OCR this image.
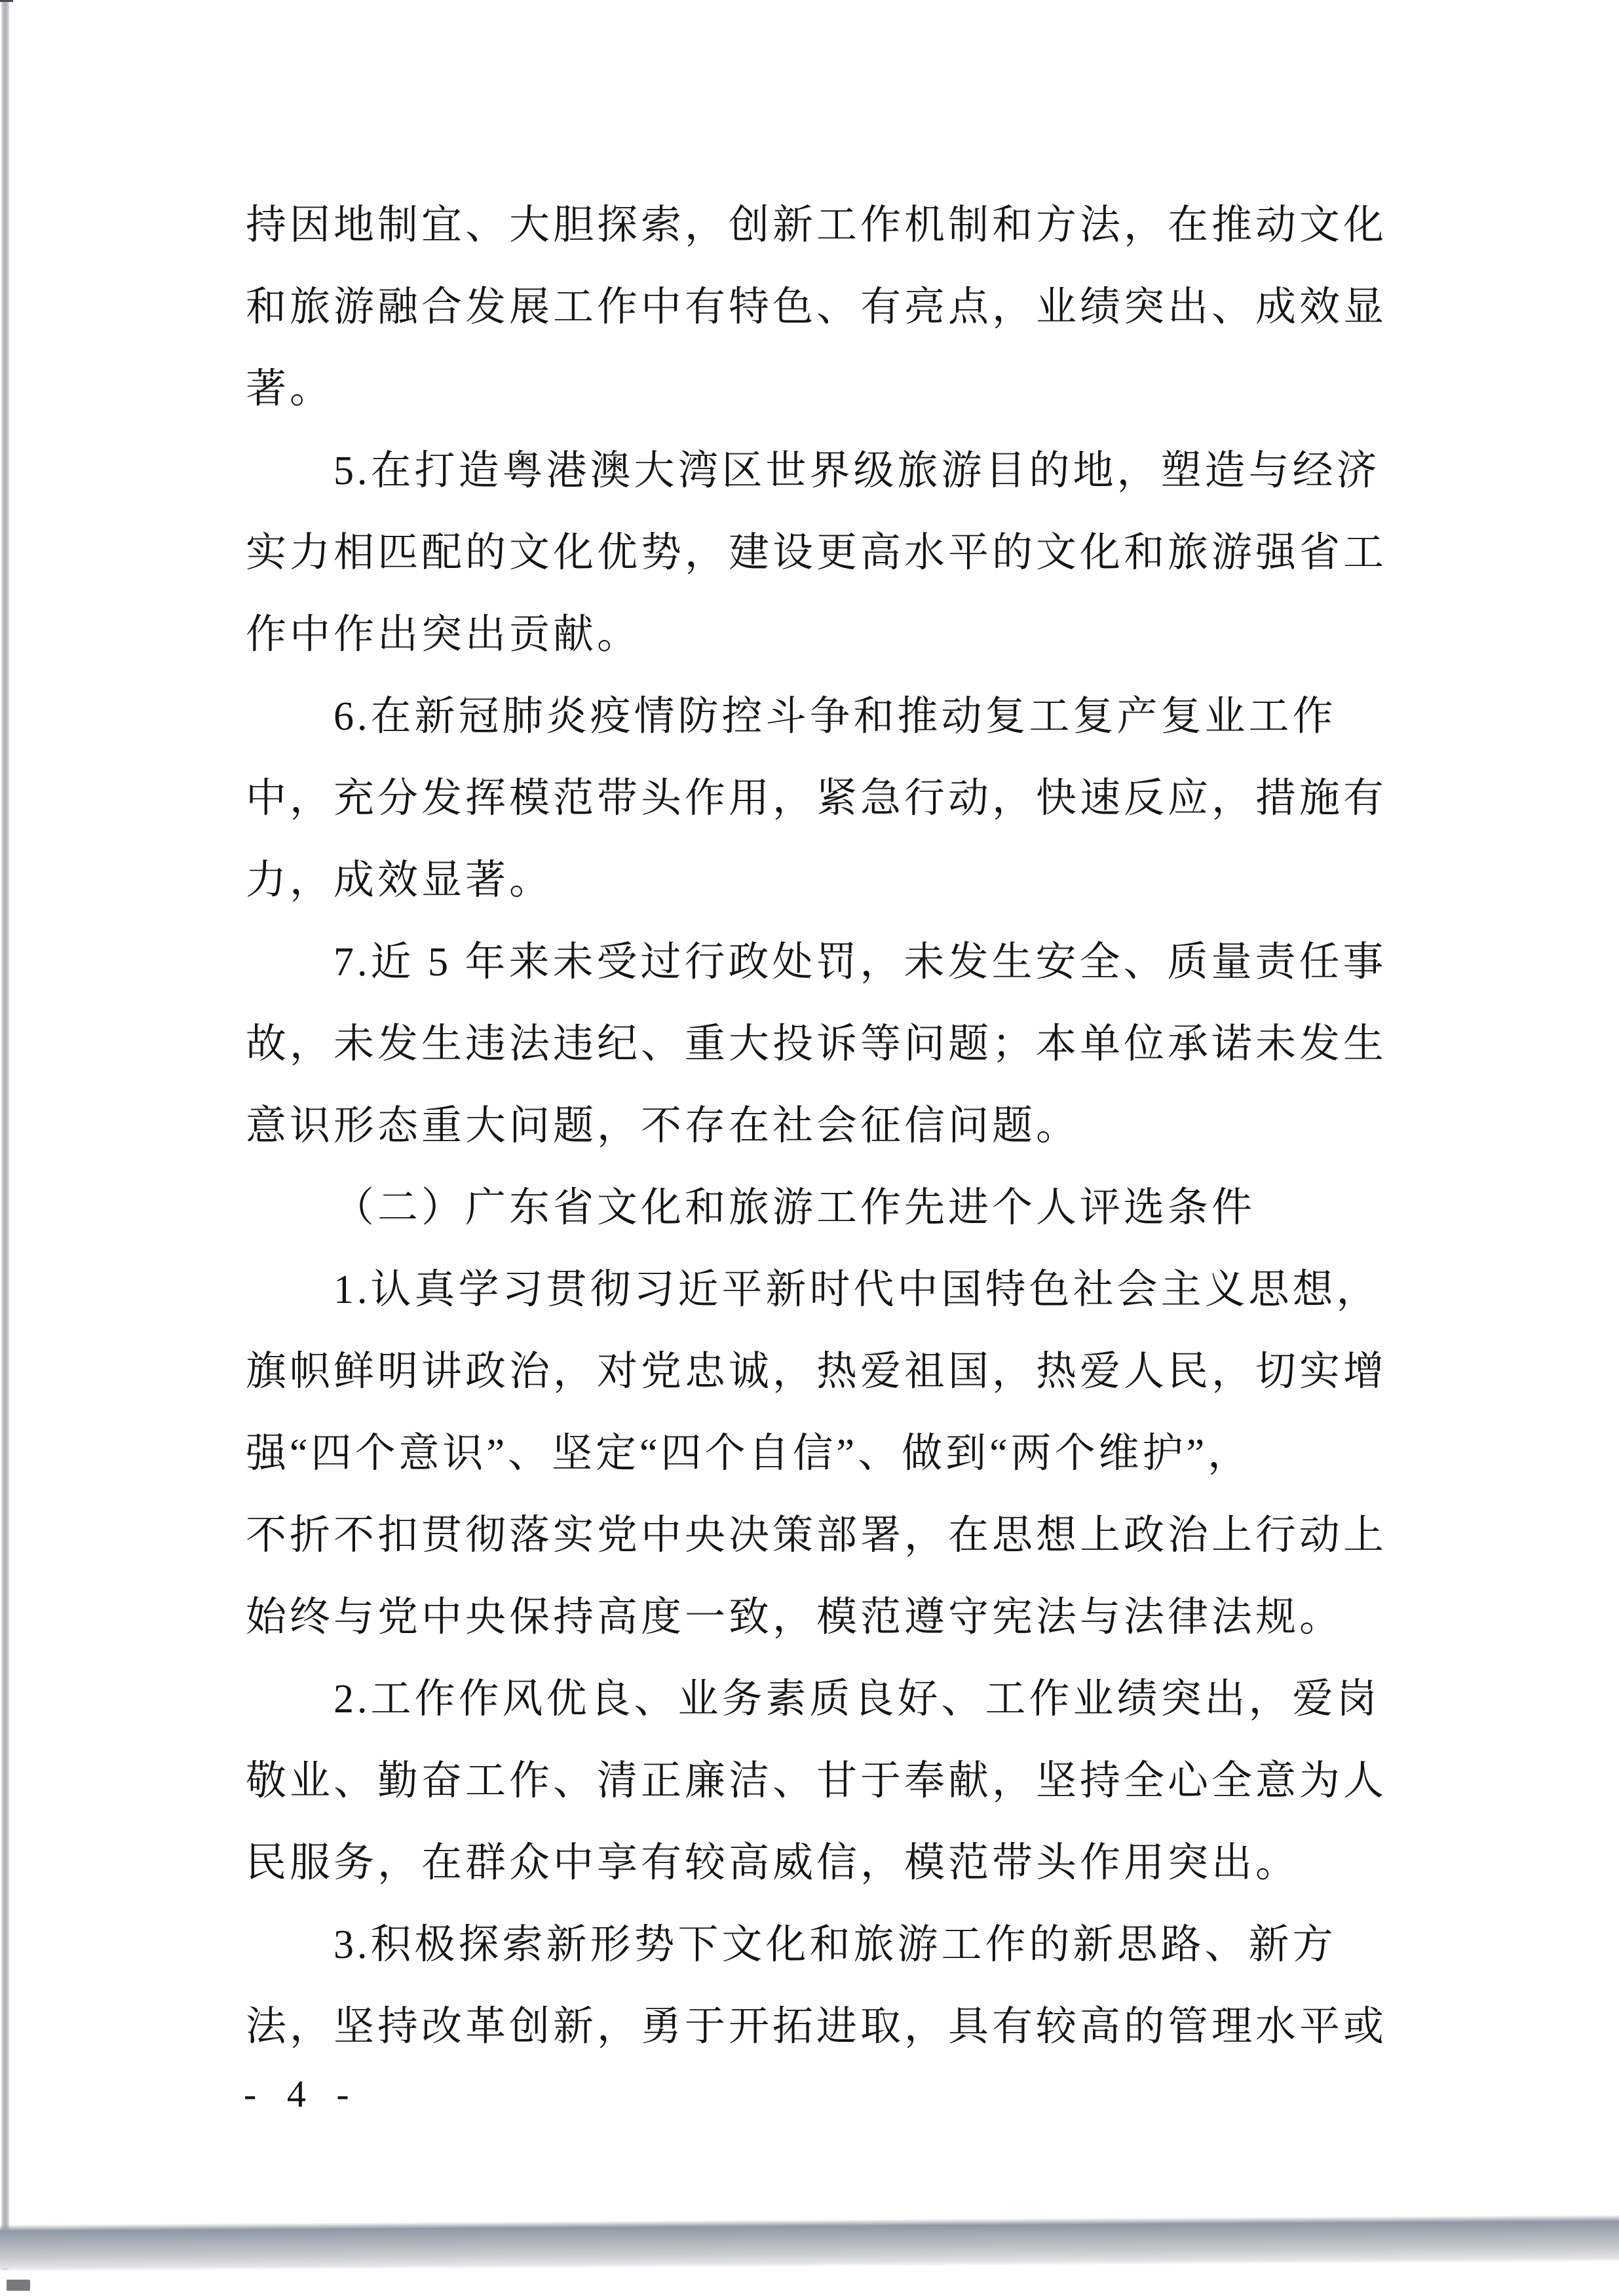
持因地制宜、大胆探索，创新工作机制和方法，在推动文化
和旅游融合发展工作中有特色、有亮点，业绩突出、成效显
著。
5.在打造粤港澳大湾区世界级旅游目的地，塑造与经济
实力相匹配的文化优势，建设更高水平的文化和旅游强省工
作中作出突出贡献。
6.在新冠肺炎疫情防控斗争和推动复工复产复业工作
中，充分发挥模范带头作用，紧急行动，快速反应，措施有
力，成效显著。
7.近 5 年来未受过行政处罚，未发生安全、质量责任事
故，未发生违法违纪、重大投诉等问题；本单位承诺未发生
意识形态重大问题，不存在社会征信问题。
（二）广东省文化和旅游工作先进个人评选条件
1.认真学习贯彻习近平新时代中国特色社会主义思想，
旗帜鲜明讲政治，对党忠诚，热爱祖国，热爱人民，切实增
强“四个意识”、坚定“四个自信”、做到“两个维护”，
不折不扣贯彻落实党中央决策部署，在思想上政治上行动上
始终与党中央保持高度一致，模范遵守宪法与法律法规。
2.工作作风优良、业务素质良好、工作业绩突出，爱岗
敬业、勤奋工作、清正廉洁、甘于奉献，坚持全心全意为人
民服务，在群众中享有较高威信，模范带头作用突出。
3.积极探索新形势下文化和旅游工作的新思路、新方
法，坚持改革创新，勇于开拓进取，具有较高的管理水平或
- 4 -
